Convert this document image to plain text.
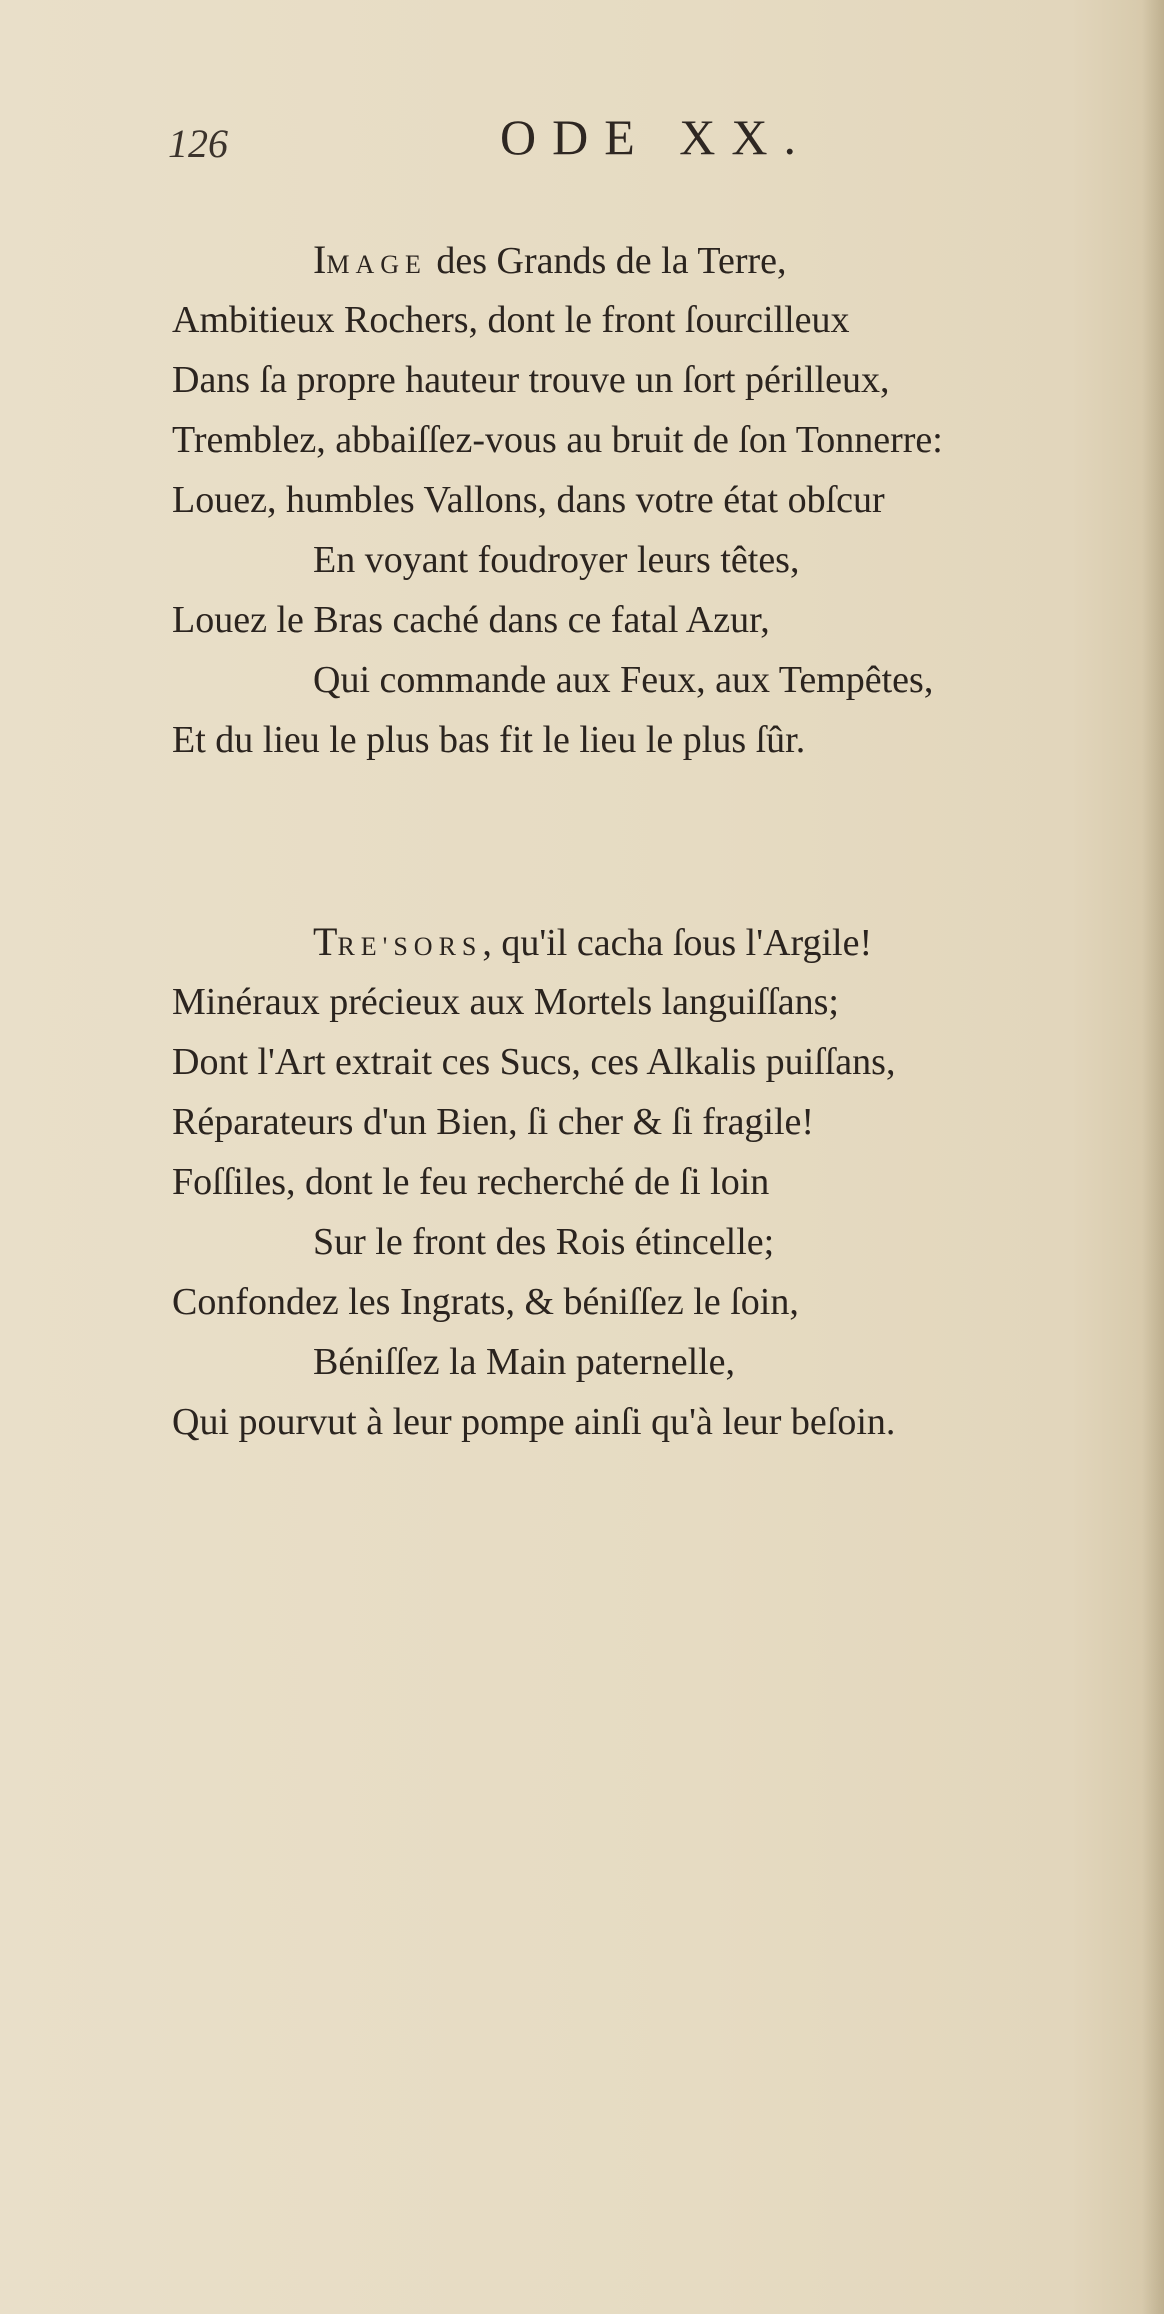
126	ODE XX.
IMAGE des Grands de la Terre,
Ambitieux Rochers, dont le front ſourcilleux
Dans ſa propre hauteur trouve un ſort périlleux,
Tremblez, abbaiſſez-vous au bruit de ſon Tonnerre:
Louez, humbles Vallons, dans votre état obſcur
En voyant foudroyer leurs têtes,
Louez le Bras caché dans ce fatal Azur,
Qui commande aux Feux, aux Tempêtes,
Et du lieu le plus bas fit le lieu le plus ſûr.
TRE'SORS, qu'il cacha ſous l'Argile!
Minéraux précieux aux Mortels languiſſans;
Dont l'Art extrait ces Sucs, ces Alkalis puiſſans,
Réparateurs d'un Bien, ſi cher & ſi fragile!
Foſſiles, dont le feu recherché de ſi loin
Sur le front des Rois étincelle;
Confondez les Ingrats, & béniſſez le ſoin,
Béniſſez la Main paternelle,
Qui pourvut à leur pompe ainſi qu'à leur beſoin.
